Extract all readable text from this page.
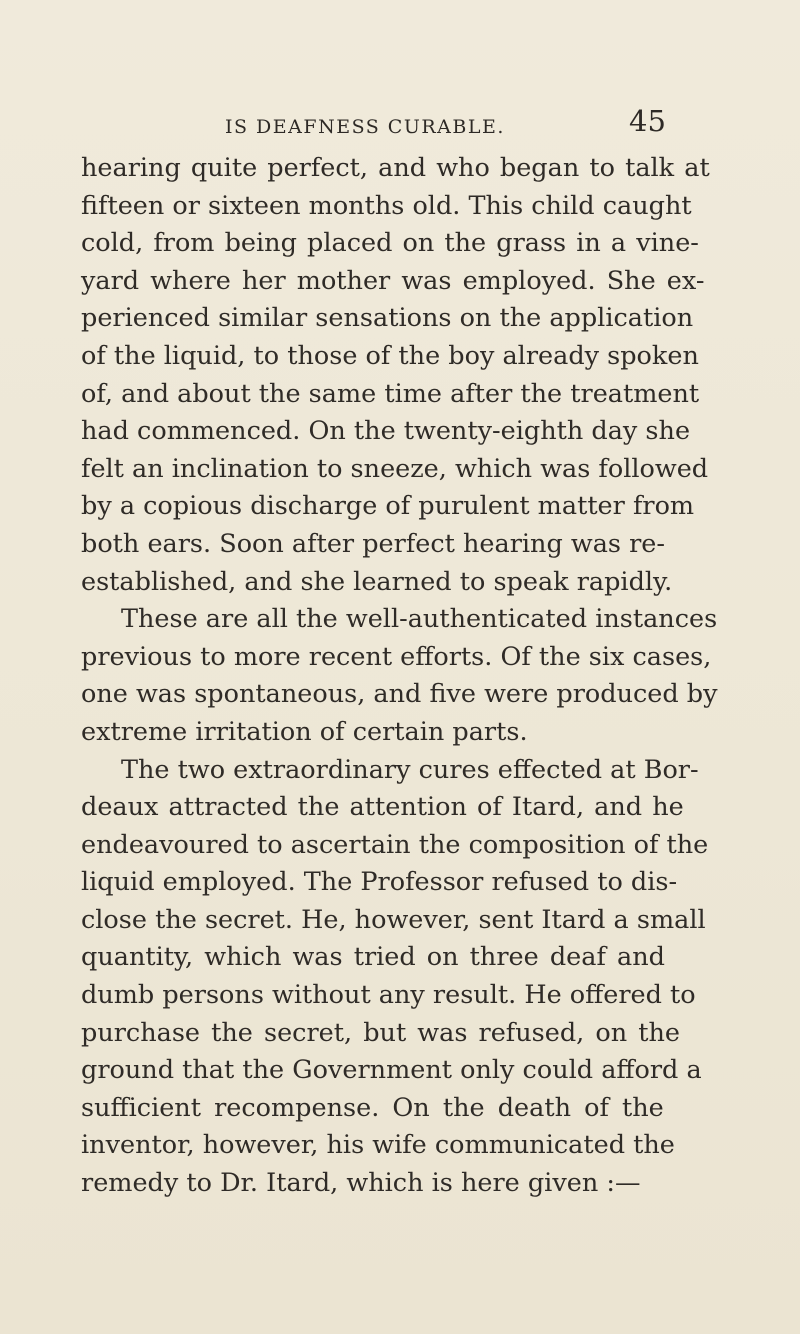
IS DEAFNESS CURABLE.	45
hearing quite perfect, and who began to talk at
fifteen or sixteen months old. This child caught
cold, from being placed on the grass in a vine-
yard where her mother was employed. She ex-
perienced similar sensations on the application
of the liquid, to those of the boy already spoken
of, and about the same time after the treatment
had commenced. On the twenty-eighth day she
felt an inclination to sneeze, which was followed
by a copious discharge of purulent matter from
both ears. Soon after perfect hearing was re-
established, and she learned to speak rapidly.
These are all the well-authenticated instances
previous to more recent efforts. Of the six cases,
one was spontaneous, and five were produced by
extreme irritation of certain parts.
The two extraordinary cures effected at Bor-
deaux attracted the attention of Itard, and he
endeavoured to ascertain the composition of the
liquid employed. The Professor refused to dis-
close the secret. He, however, sent Itard a small
quantity, which was tried on three deaf and
dumb persons without any result. He offered to
purchase the secret, but was refused, on the
ground that the Government only could afford a
sufficient recompense. On the death of the
inventor, however, his wife communicated the
remedy to Dr. Itard, which is here given :—
